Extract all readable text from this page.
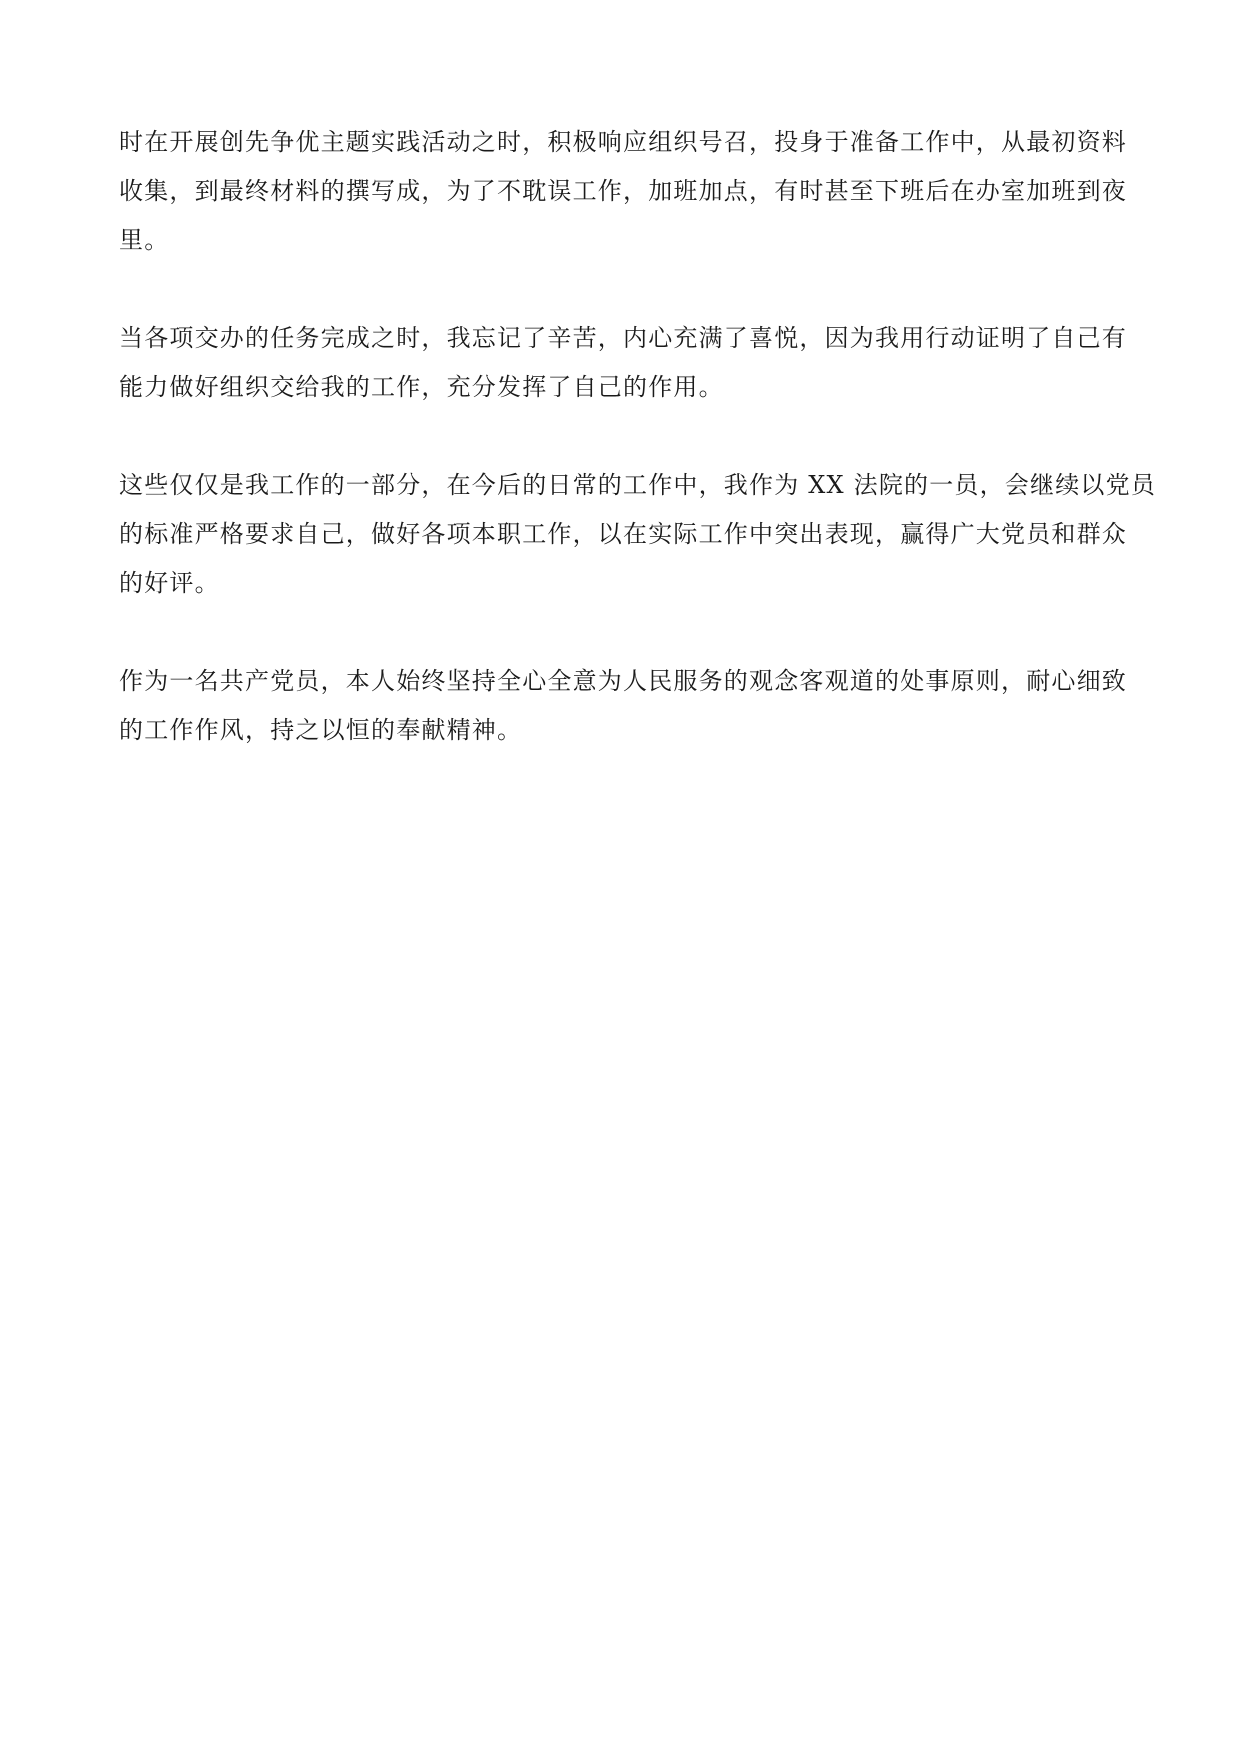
时在开展创先争优主题实践活动之时，积极响应组织号召，投身于准备工作中，从最初资料
收集，到最终材料的撰写成，为了不耽误工作，加班加点，有时甚至下班后在办室加班到夜
里。

当各项交办的任务完成之时，我忘记了辛苦，内心充满了喜悦，因为我用行动证明了自己有
能力做好组织交给我的工作，充分发挥了自己的作用。

这些仅仅是我工作的一部分，在今后的日常的工作中，我作为 XX 法院的一员，会继续以党员
的标准严格要求自己，做好各项本职工作，以在实际工作中突出表现，赢得广大党员和群众
的好评。

作为一名共产党员，本人始终坚持全心全意为人民服务的观念客观道的处事原则，耐心细致
的工作作风，持之以恒的奉献精神。
